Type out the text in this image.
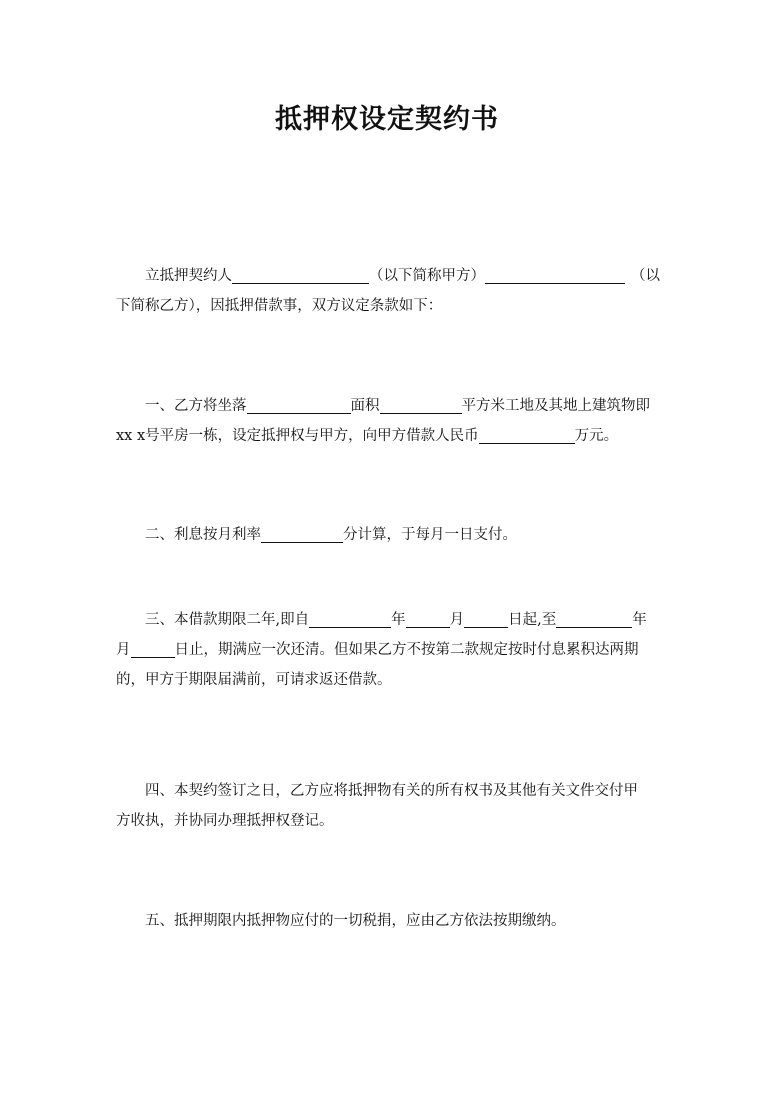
抵押权设定契约书
立抵押契约人	（以下简称甲方）	（以
下简称乙方），因抵押借款事，双方议定条款如下：
一、乙方将坐落	面积	平方米工地及其地上建筑物即
xx x号平房一栋，设定抵押权与甲方，向甲方借款人民币	万元。
二、利息按月利率	分计算，于每月一日支付。
三、本借款期限二年,即自	年	月	日起,至	年
月	日止，期满应一次还清。但如果乙方不按第二款规定按时付息累积达两期
的，甲方于期限届满前，可请求返还借款。
四、本契约签订之日，乙方应将抵押物有关的所有权书及其他有关文件交付甲
方收执，并协同办理抵押权登记。
五、抵押期限内抵押物应付的一切税捐，应由乙方依法按期缴纳。
